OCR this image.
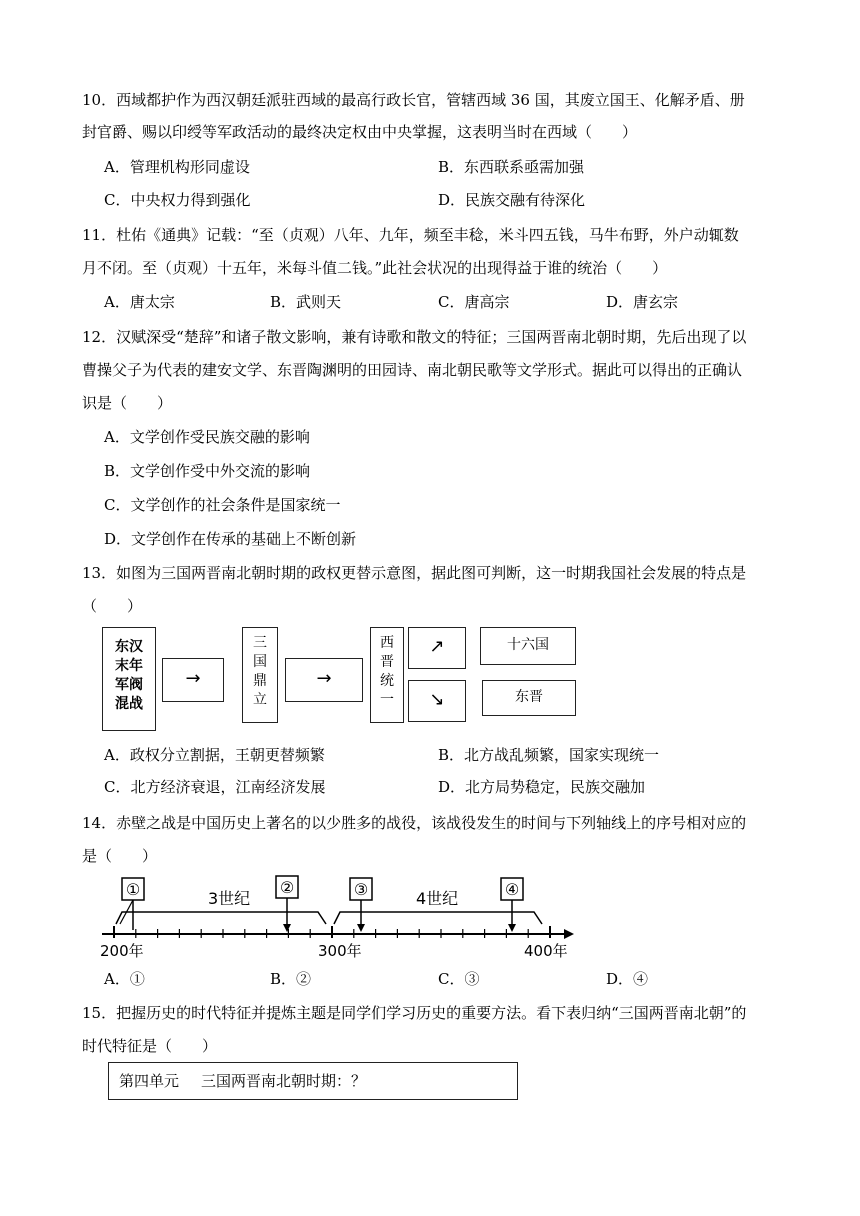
10．西域都护作为西汉朝廷派驻西域的最高行政长官，管辖西域 36 国，其废立国王、化解矛盾、册
封官爵、赐以印绶等军政活动的最终决定权由中央掌握，这表明当时在西域（　　）
A．管理机构形同虚设	B．东西联系亟需加强
C．中央权力得到强化	D．民族交融有待深化
11．杜佑《通典》记载：“至（贞观）八年、九年，频至丰稔，米斗四五钱，马牛布野，外户动辄数
月不闭。至（贞观）十五年，米每斗值二钱。”此社会状况的出现得益于谁的统治（　　）
A．唐太宗	B．武则天	C．唐高宗	D．唐玄宗
12．汉赋深受“楚辞”和诸子散文影响，兼有诗歌和散文的特征；三国两晋南北朝时期，先后出现了以
曹操父子为代表的建安文学、东晋陶渊明的田园诗、南北朝民歌等文学形式。据此可以得出的正确认
识是（　　）
A．文学创作受民族交融的影响
B．文学创作受中外交流的影响
C．文学创作的社会条件是国家统一
D．文学创作在传承的基础上不断创新
13．如图为三国两晋南北朝时期的政权更替示意图，据此图可判断，这一时期我国社会发展的特点是
（　　）
东汉
末年
军阀
混战
→
三
国
鼎
立
→
西
晋
统
一
↗
↘
十六国
东晋
A．政权分立割据，王朝更替频繁	B．北方战乱频繁，国家实现统一
C．北方经济衰退，江南经济发展	D．北方局势稳定，民族交融加
14．赤壁之战是中国历史上著名的以少胜多的战役，该战役发生的时间与下列轴线上的序号相对应的
是（　　）
3世纪	4世纪
①	②	③	④
200年	300年	400年
A．①	B．②	C．③	D．④
15．把握历史的时代特征并提炼主题是同学们学习历史的重要方法。看下表归纳“三国两晋南北朝”的
时代特征是（　　）
第四单元 三国两晋南北朝时期：？
